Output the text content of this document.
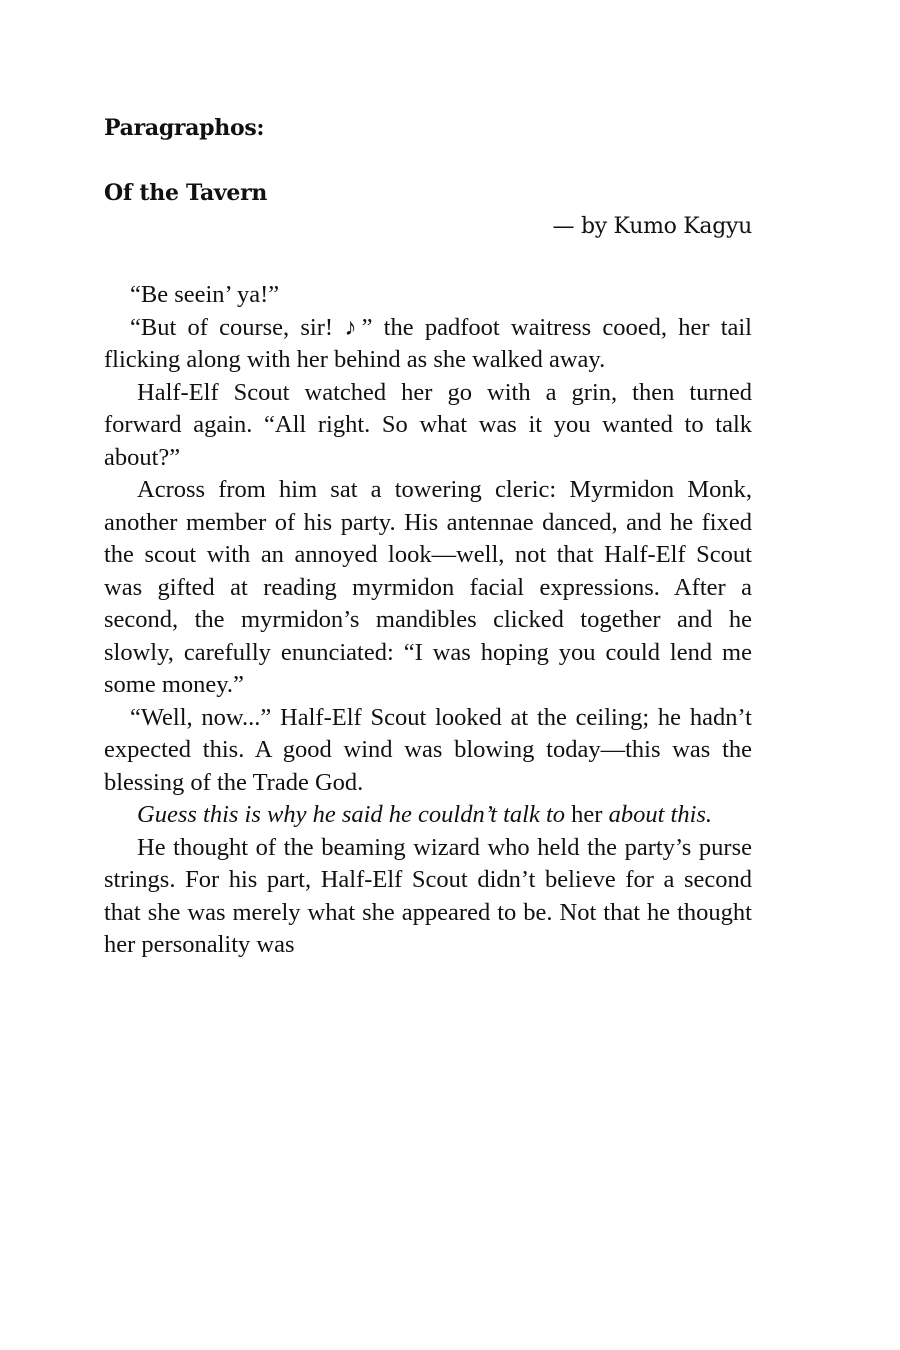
Paragraphos:
Of the Tavern
— by Kumo Kagyu

“Be seein’ ya!”

“But of course, sir! ♪” the padfoot waitress cooed, her tail flicking along with her behind as she walked away.

Half-Elf Scout watched her go with a grin, then turned forward again. “All right. So what was it you wanted to talk about?”

Across from him sat a towering cleric: Myrmidon Monk, another member of his party. His antennae danced, and he fixed the scout with an annoyed look—well, not that Half-Elf Scout was gifted at reading myrmidon facial expressions. After a second, the myrmidon’s mandibles clicked together and he slowly, carefully enunciated: “I was hoping you could lend me some money.”

“Well, now...” Half-Elf Scout looked at the ceiling; he hadn’t expected this. A good wind was blowing today—this was the blessing of the Trade God.

Guess this is why he said he couldn’t talk to her about this.

He thought of the beaming wizard who held the party’s purse strings. For his part, Half-Elf Scout didn’t believe for a second that she was merely what she appeared to be. Not that he thought her personality was
